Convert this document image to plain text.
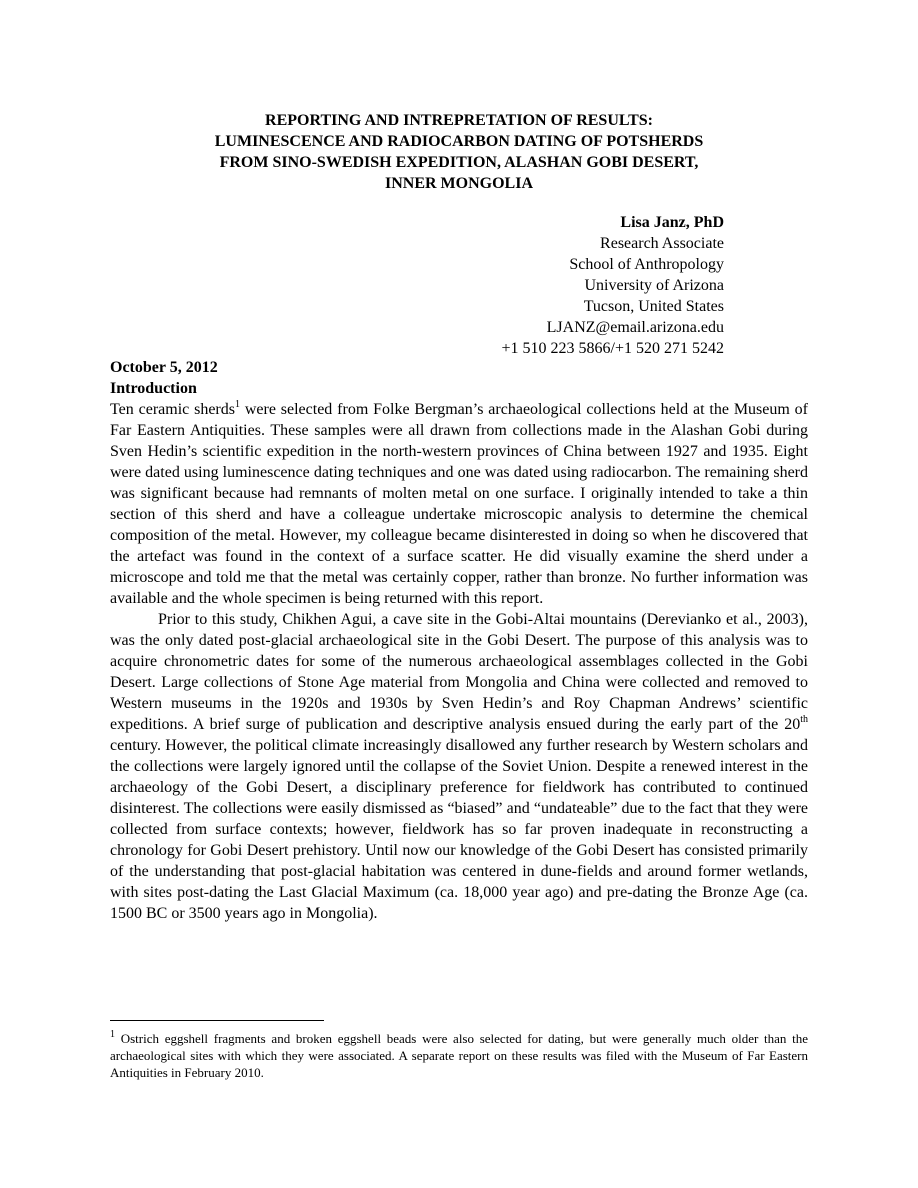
REPORTING AND INTREPRETATION OF RESULTS:
LUMINESCENCE AND RADIOCARBON DATING OF POTSHERDS
FROM SINO-SWEDISH EXPEDITION, ALASHAN GOBI DESERT,
INNER MONGOLIA
Lisa Janz, PhD
Research Associate
School of Anthropology
University of Arizona
Tucson, United States
LJANZ@email.arizona.edu
+1 510 223 5866/+1 520 271 5242
October 5, 2012
Introduction

Ten ceramic sherds$^1$ were selected from Folke Bergman’s archaeological collections held at the Museum of Far Eastern Antiquities. These samples were all drawn from collections made in the Alashan Gobi during Sven Hedin’s scientific expedition in the north-western provinces of China between 1927 and 1935. Eight were dated using luminescence dating techniques and one was dated using radiocarbon. The remaining sherd was significant because had remnants of molten metal on one surface. I originally intended to take a thin section of this sherd and have a colleague undertake microscopic analysis to determine the chemical composition of the metal. However, my colleague became disinterested in doing so when he discovered that the artefact was found in the context of a surface scatter. He did visually examine the sherd under a microscope and told me that the metal was certainly copper, rather than bronze. No further information was available and the whole specimen is being returned with this report.

Prior to this study, Chikhen Agui, a cave site in the Gobi-Altai mountains (Derevianko et al., 2003), was the only dated post-glacial archaeological site in the Gobi Desert. The purpose of this analysis was to acquire chronometric dates for some of the numerous archaeological assemblages collected in the Gobi Desert. Large collections of Stone Age material from Mongolia and China were collected and removed to Western museums in the 1920s and 1930s by Sven Hedin’s and Roy Chapman Andrews’ scientific expeditions. A brief surge of publication and descriptive analysis ensued during the early part of the 20th century. However, the political climate increasingly disallowed any further research by Western scholars and the collections were largely ignored until the collapse of the Soviet Union. Despite a renewed interest in the archaeology of the Gobi Desert, a disciplinary preference for fieldwork has contributed to continued disinterest. The collections were easily dismissed as “biased” and “undateable” due to the fact that they were collected from surface contexts; however, fieldwork has so far proven inadequate in reconstructing a chronology for Gobi Desert prehistory. Until now our knowledge of the Gobi Desert has consisted primarily of the understanding that post-glacial habitation was centered in dune-fields and around former wetlands, with sites post-dating the Last Glacial Maximum (ca. 18,000 year ago) and pre-dating the Bronze Age (ca. 1500 BC or 3500 years ago in Mongolia).

$^1$ Ostrich eggshell fragments and broken eggshell beads were also selected for dating, but were generally much older than the archaeological sites with which they were associated. A separate report on these results was filed with the Museum of Far Eastern Antiquities in February 2010.
